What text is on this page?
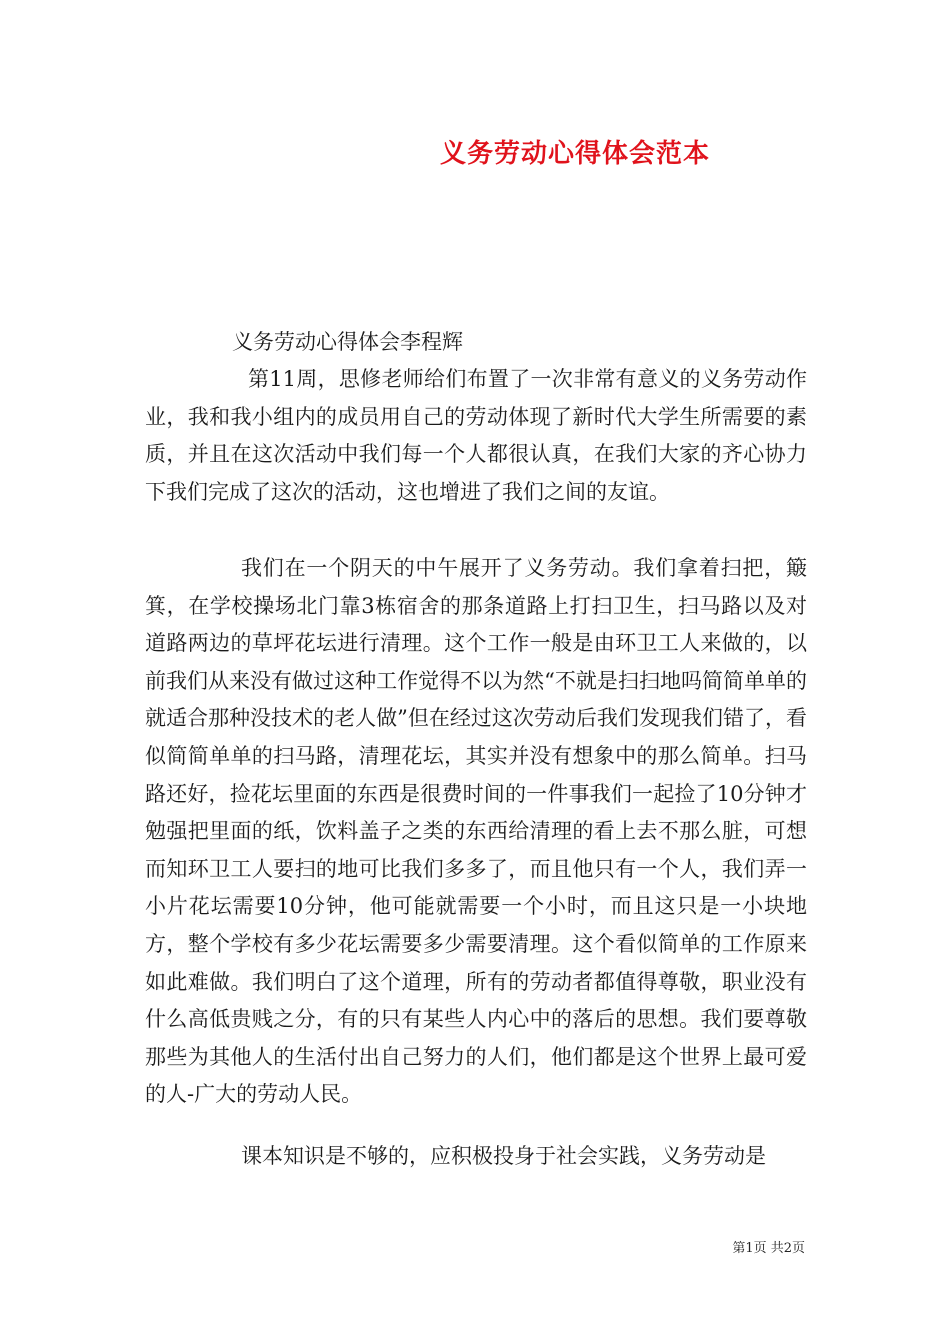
义务劳动心得体会范本
义务劳动心得体会李程辉

第11周，思修老师给们布置了一次非常有意义的义务劳动作业，我和我小组内的成员用自己的劳动体现了新时代大学生所需要的素质，并且在这次活动中我们每一个人都很认真，在我们大家的齐心协力下我们完成了这次的活动，这也增进了我们之间的友谊。

我们在一个阴天的中午展开了义务劳动。我们拿着扫把，簸箕，在学校操场北门靠3栋宿舍的那条道路上打扫卫生，扫马路以及对道路两边的草坪花坛进行清理。这个工作一般是由环卫工人来做的，以前我们从来没有做过这种工作觉得不以为然“不就是扫扫地吗简简单单的就适合那种没技术的老人做”但在经过这次劳动后我们发现我们错了，看似简简单单的扫马路，清理花坛，其实并没有想象中的那么简单。扫马路还好，捡花坛里面的东西是很费时间的一件事我们一起捡了10分钟才勉强把里面的纸，饮料盖子之类的东西给清理的看上去不那么脏，可想而知环卫工人要扫的地可比我们多多了，而且他只有一个人，我们弄一小片花坛需要10分钟，他可能就需要一个小时，而且这只是一小块地方，整个学校有多少花坛需要多少需要清理。这个看似简单的工作原来如此难做。我们明白了这个道理，所有的劳动者都值得尊敬，职业没有什么高低贵贱之分，有的只有某些人内心中的落后的思想。我们要尊敬那些为其他人的生活付出自己努力的人们，他们都是这个世界上最可爱的人-广大的劳动人民。

课本知识是不够的，应积极投身于社会实践，义务劳动是

第1页 共2页
